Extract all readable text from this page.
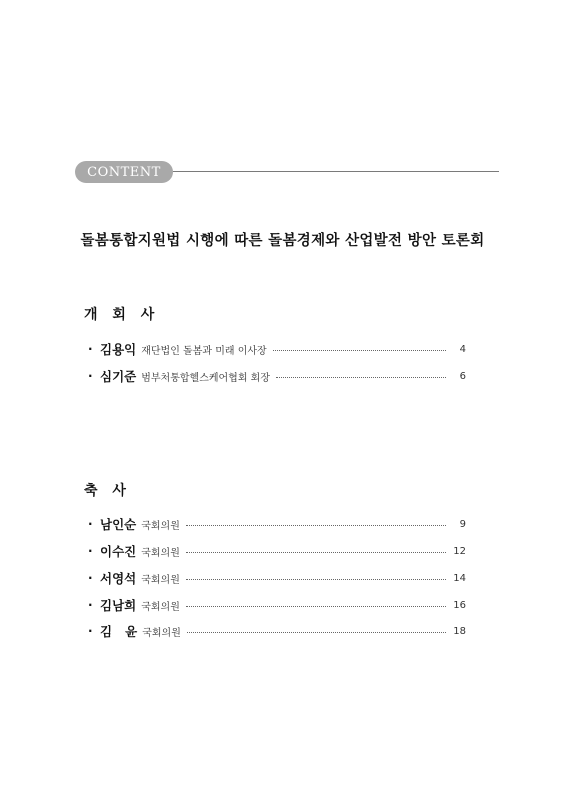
CONTENT
돌봄통합지원법 시행에 따른 돌봄경제와 산업발전 방안 토론회
개 회 사
· 김용익 재단법인 돌봄과 미래 이사장	4
· 심기준 범부처통합헬스케어협회 회장	6
축 사
· 남인순 국회의원	9
· 이수진 국회의원	12
· 서영석 국회의원	14
· 김남희 국회의원	16
· 김   윤 국회의원	18
